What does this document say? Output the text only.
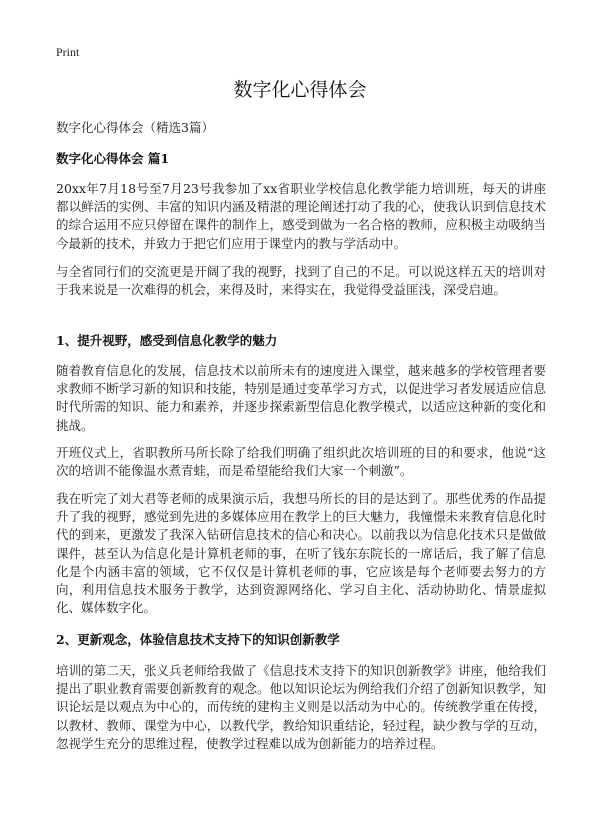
Print
数字化心得体会
数字化心得体会（精选3篇）
数字化心得体会 篇1
20xx年7月18号至7月23号我参加了xx省职业学校信息化教学能力培训班，每天的讲座都以鲜活的实例、丰富的知识内涵及精湛的理论阐述打动了我的心，使我认识到信息技术的综合运用不应只停留在课件的制作上，感受到做为一名合格的教师，应积极主动吸纳当今最新的技术，并致力于把它们应用于课堂内的教与学活动中。
与全省同行们的交流更是开阔了我的视野，找到了自己的不足。可以说这样五天的培训对于我来说是一次难得的机会，来得及时，来得实在，我觉得受益匪浅，深受启迪。
1、提升视野，感受到信息化教学的魅力
随着教育信息化的发展，信息技术以前所未有的速度进入课堂，越来越多的学校管理者要求教师不断学习新的知识和技能，特别是通过变革学习方式，以促进学习者发展适应信息时代所需的知识、能力和素养，并逐步探索新型信息化教学模式，以适应这种新的变化和挑战。
开班仪式上，省职教所马所长除了给我们明确了组织此次培训班的目的和要求，他说“这次的培训不能像温水煮青蛙，而是希望能给我们大家一个刺激”。
我在听完了刘大君等老师的成果演示后，我想马所长的目的是达到了。那些优秀的作品提升了我的视野，感觉到先进的多媒体应用在教学上的巨大魅力，我憧憬未来教育信息化时代的到来，更激发了我深入钻研信息技术的信心和决心。以前我以为信息化技术只是做做课件，甚至认为信息化是计算机老师的事，在听了钱东东院长的一席话后，我了解了信息化是个内涵丰富的领域，它不仅仅是计算机老师的事，它应该是每个老师要去努力的方向，利用信息技术服务于教学，达到资源网络化、学习自主化、活动协助化、情景虚拟化、媒体数字化。
2、更新观念，体验信息技术支持下的知识创新教学
培训的第二天，张义兵老师给我做了《信息技术支持下的知识创新教学》讲座，他给我们提出了职业教育需要创新教育的观念。他以知识论坛为例给我们介绍了创新知识教学，知识论坛是以观点为中心的，而传统的建构主义则是以活动为中心的。传统教学重在传授，以教材、教师、课堂为中心，以教代学，教给知识重结论，轻过程，缺少教与学的互动，忽视学生充分的思维过程，使教学过程难以成为创新能力的培养过程。
